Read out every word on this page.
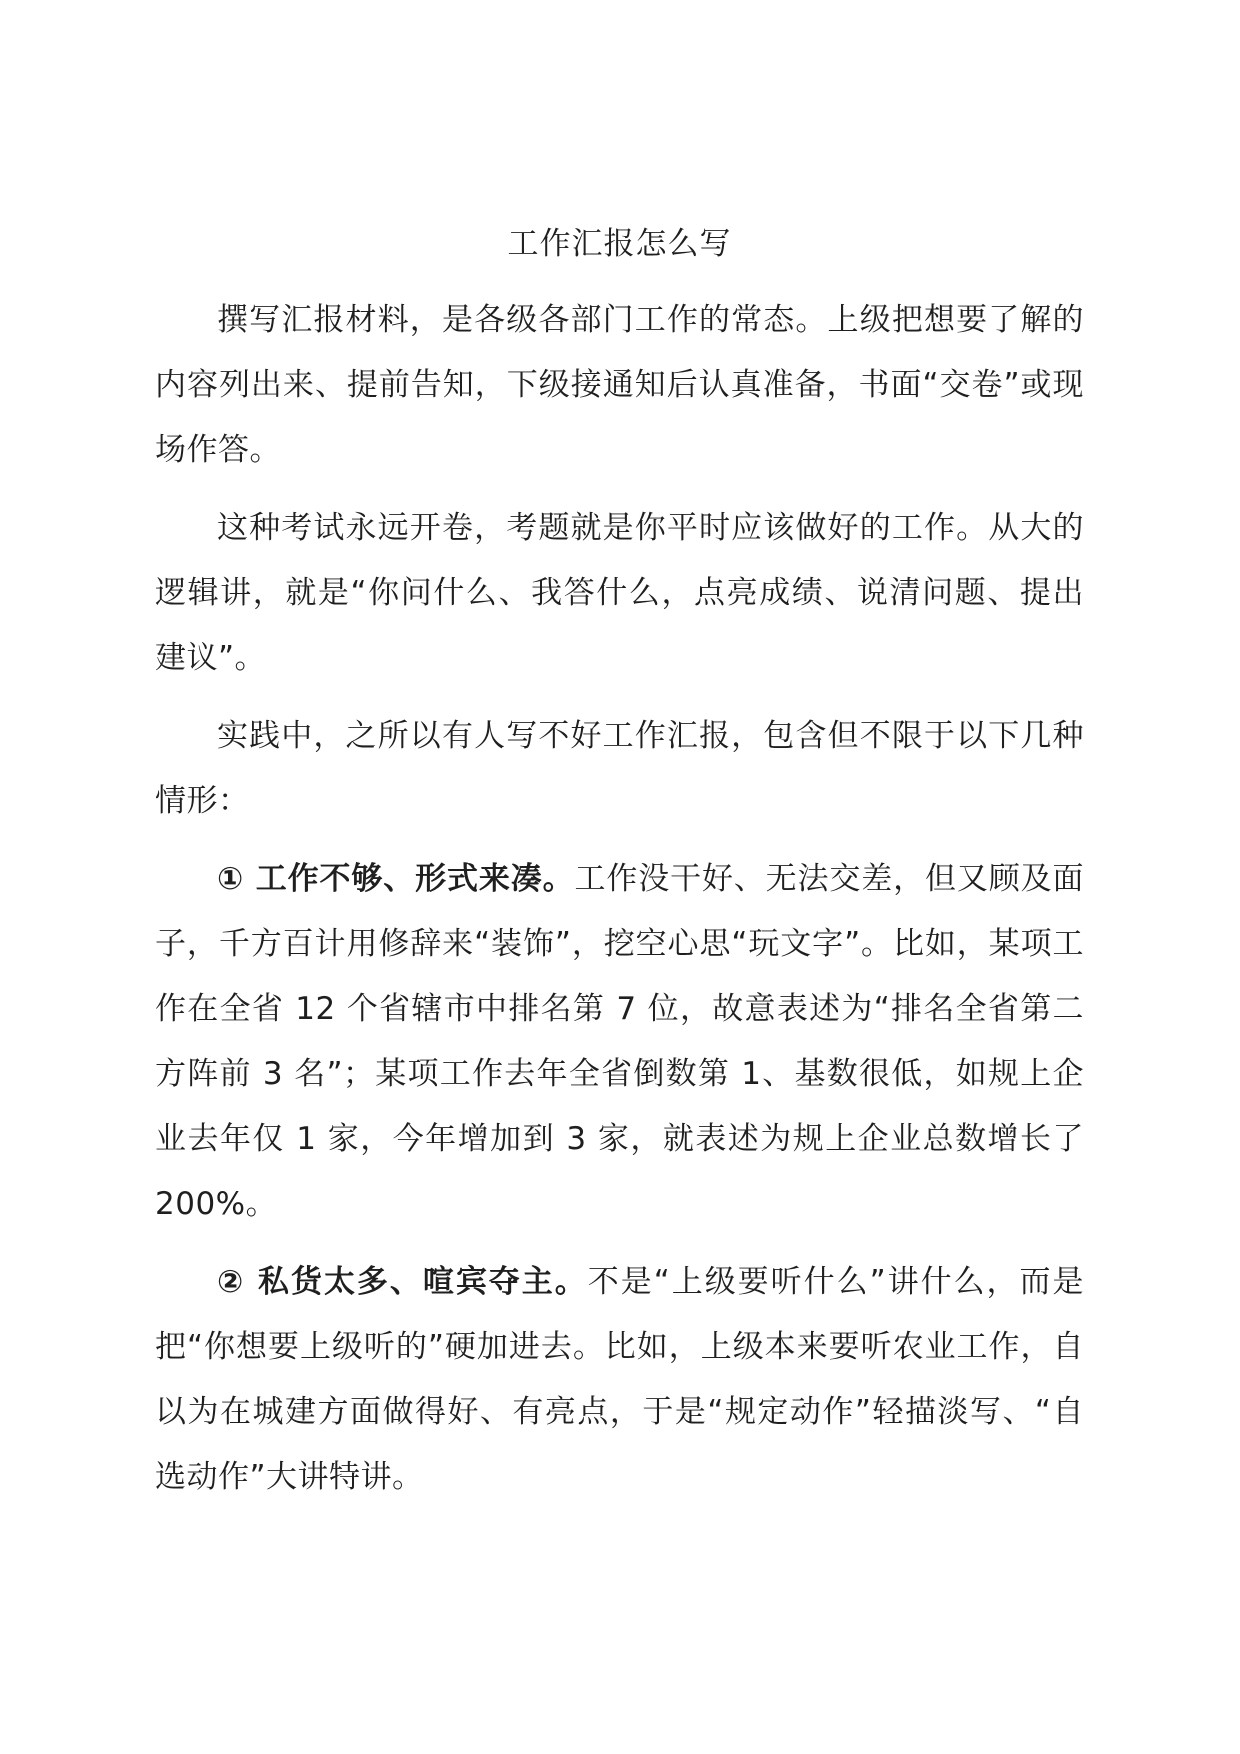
工作汇报怎么写

撰写汇报材料，是各级各部门工作的常态。上级把想要了解的内容列出来、提前告知，下级接通知后认真准备，书面“交卷”或现场作答。

这种考试永远开卷，考题就是你平时应该做好的工作。从大的逻辑讲，就是“你问什么、我答什么，点亮成绩、说清问题、提出建议”。

实践中，之所以有人写不好工作汇报，包含但不限于以下几种情形：

① 工作不够、形式来凑。工作没干好、无法交差，但又顾及面子，千方百计用修辞来“装饰”，挖空心思“玩文字”。比如，某项工作在全省 12 个省辖市中排名第 7 位，故意表述为“排名全省第二方阵前 3 名”；某项工作去年全省倒数第 1、基数很低，如规上企业去年仅 1 家，今年增加到 3 家，就表述为规上企业总数增长了 200%。

② 私货太多、喧宾夺主。不是“上级要听什么”讲什么，而是把“你想要上级听的”硬加进去。比如，上级本来要听农业工作，自以为在城建方面做得好、有亮点，于是“规定动作”轻描淡写、“自选动作”大讲特讲。
